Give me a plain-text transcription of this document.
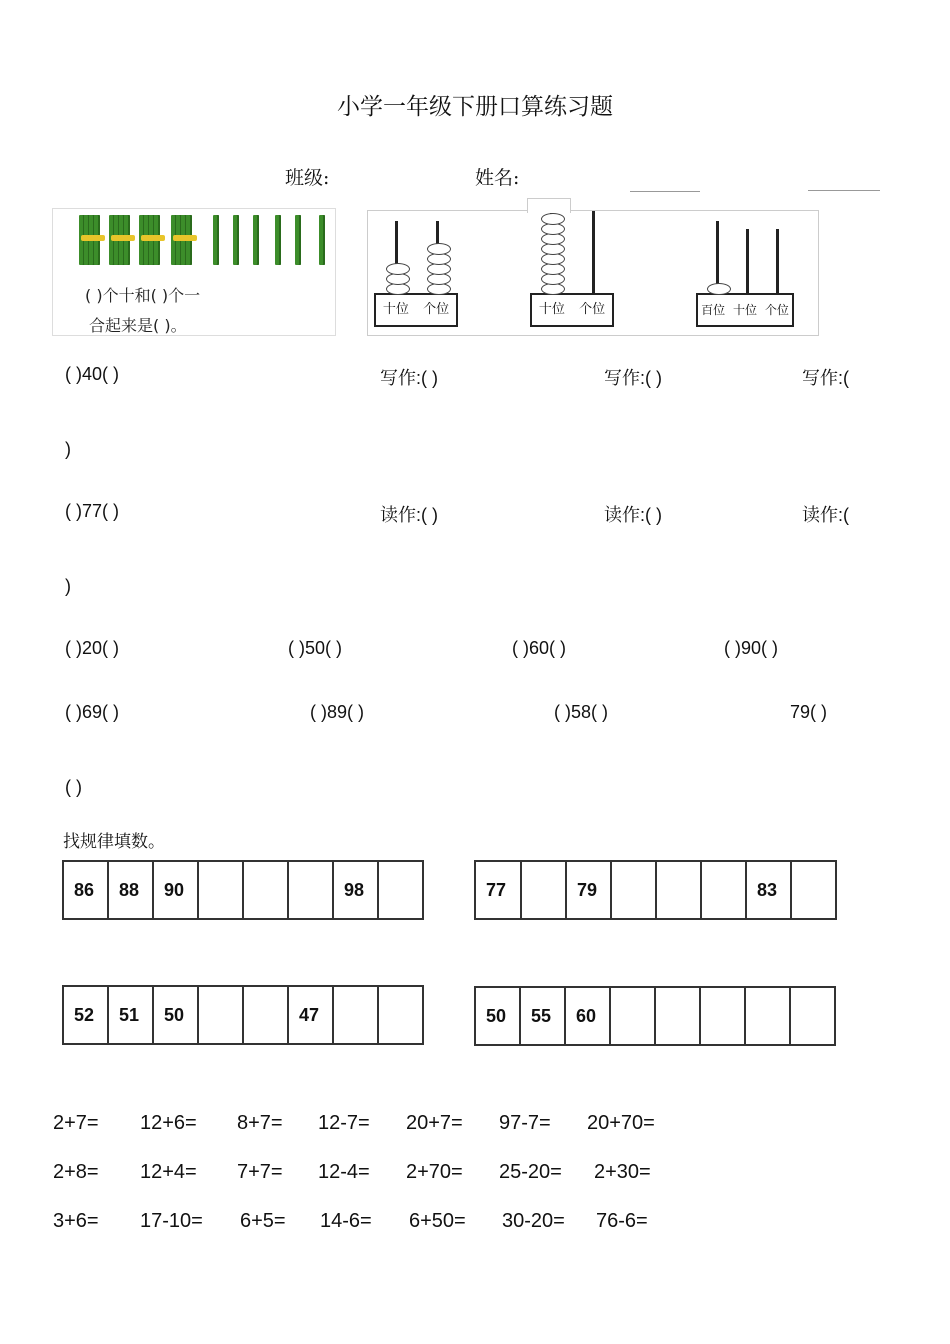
小学一年级下册口算练习题
班级:	姓名:
( )个十和( )个一
合起来是( )。
十位 个位	十位 个位	百位 十位 个位
( )40( )	写作:( )	写作:( )	写作:(
)
( )77( )	读作:( )	读作:( )	读作:(
)
( )20( )	( )50( )	( )60( )	( )90( )
( )69( )	( )89( )	( )58( )	79( )
( )
找规律填数。
86	88	90				98		77		79				83	
52	51	50			47			50	55	60					
2+7= 12+6= 8+7= 12-7= 20+7= 97-7= 20+70=
2+8= 12+4= 7+7= 12-4= 2+70= 25-20= 2+30=
3+6= 17-10= 6+5= 14-6= 6+50= 30-20= 76-6=
